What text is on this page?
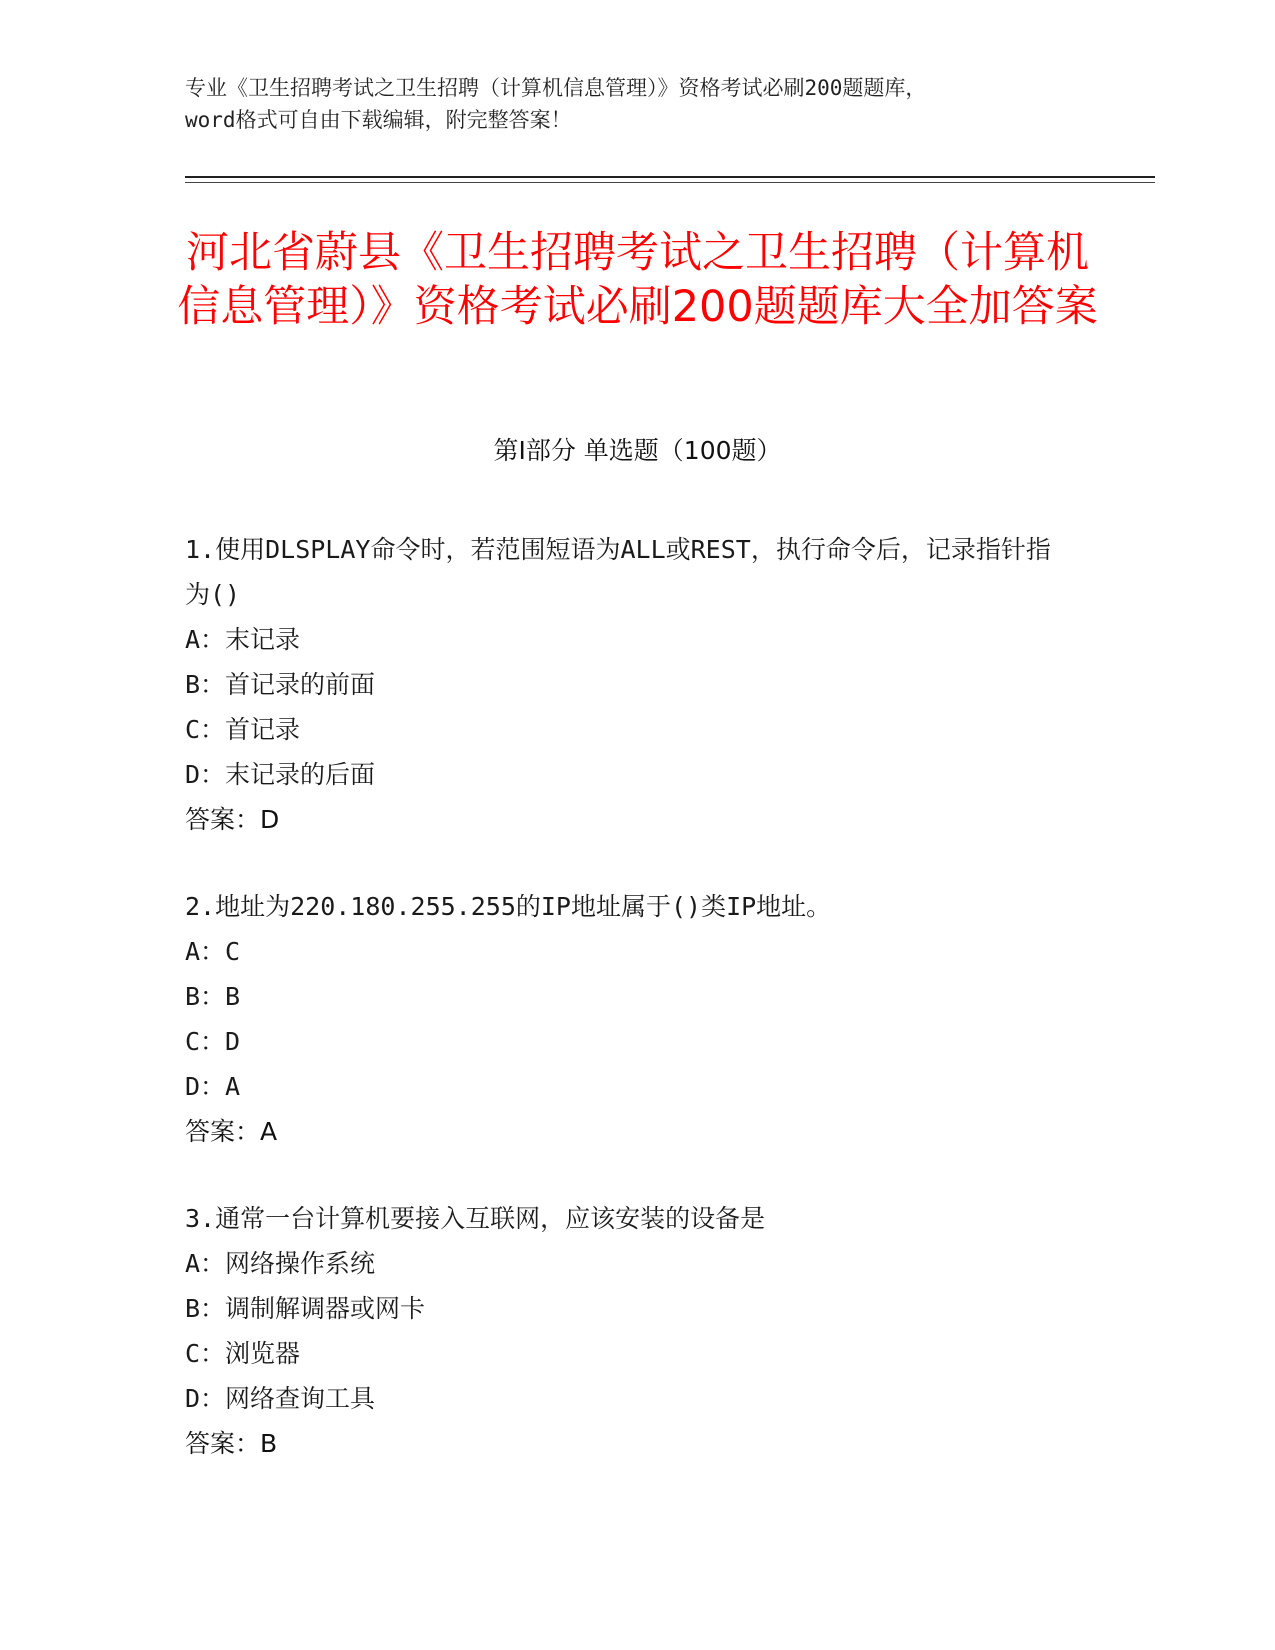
专业《卫生招聘考试之卫生招聘（计算机信息管理）》资格考试必刷200题题库，
word格式可自由下载编辑，附完整答案！
河北省蔚县《卫生招聘考试之卫生招聘（计算机信息管理）》资格考试必刷200题题库大全加答案
第Ⅰ部分 单选题（100题）
1.使用DLSPLAY命令时，若范围短语为ALL或REST，执行命令后，记录指针指为()
A：末记录
B：首记录的前面
C：首记录
D：末记录的后面
答案：D
2.地址为220.180.255.255的IP地址属于()类IP地址。
A：C
B：B
C：D
D：A
答案：A
3.通常一台计算机要接入互联网，应该安装的设备是
A：网络操作系统
B：调制解调器或网卡
C：浏览器
D：网络查询工具
答案：B
